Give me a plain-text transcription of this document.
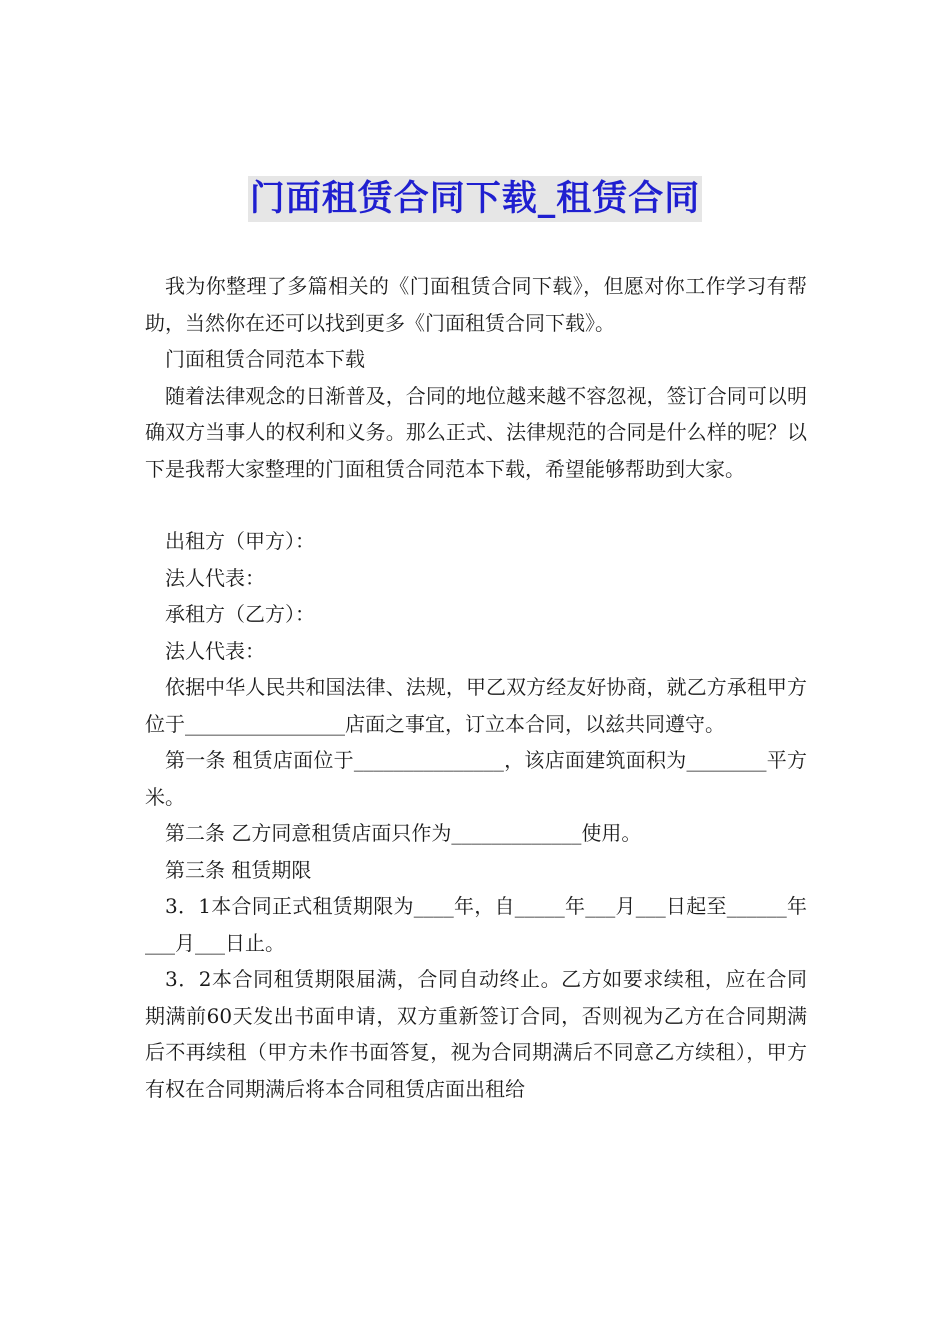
门面租赁合同下载_租赁合同

我为你整理了多篇相关的《门面租赁合同下载》，但愿对你工作学习有帮助，当然你在还可以找到更多《门面租赁合同下载》。

门面租赁合同范本下载

随着法律观念的日渐普及，合同的地位越来越不容忽视，签订合同可以明确双方当事人的权利和义务。那么正式、法律规范的合同是什么样的呢？以下是我帮大家整理的门面租赁合同范本下载，希望能够帮助到大家。

出租方（甲方）：

法人代表：

承租方（乙方）：

法人代表：

依据中华人民共和国法律、法规，甲乙双方经友好协商，就乙方承租甲方位于________________店面之事宜，订立本合同，以兹共同遵守。

第一条 租赁店面位于_______________，该店面建筑面积为________平方米。

第二条 乙方同意租赁店面只作为_____________使用。

第三条 租赁期限

3．1本合同正式租赁期限为____年，自_____年___月___日起至______年___月___日止。

3．2本合同租赁期限届满，合同自动终止。乙方如要求续租，应在合同期满前60天发出书面申请，双方重新签订合同，否则视为乙方在合同期满后不再续租（甲方未作书面答复，视为合同期满后不同意乙方续租），甲方有权在合同期满后将本合同租赁店面出租给
